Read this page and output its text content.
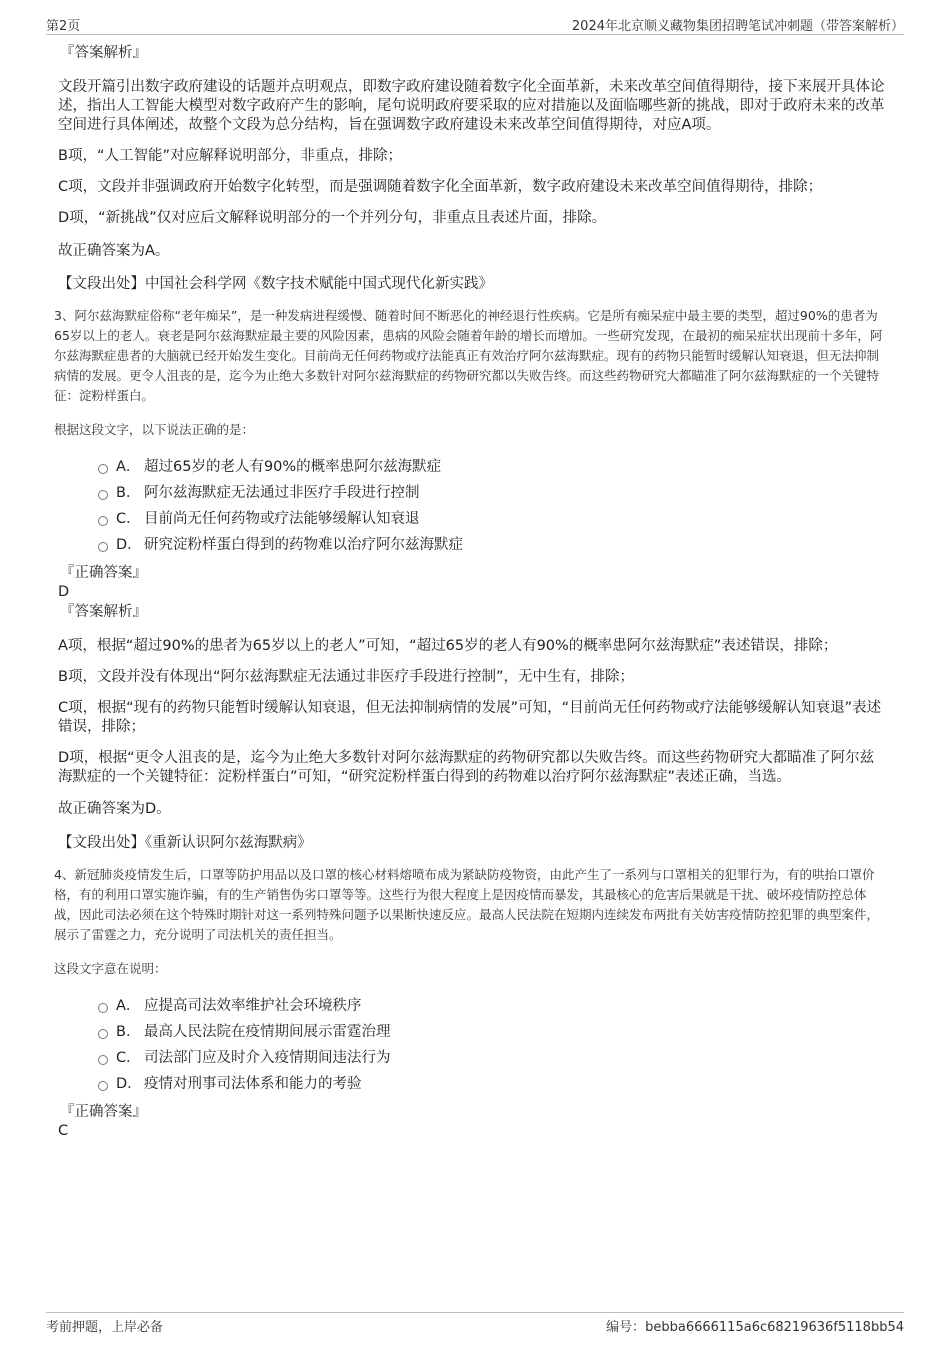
第2页	2024年北京顺义藏物集团招聘笔试冲刺题（带答案解析）

『答案解析』

文段开篇引出数字政府建设的话题并点明观点，即数字政府建设随着数字化全面革新，未来改革空间值得期待，接下来展开具体论述，指出人工智能大模型对数字政府产生的影响，尾句说明政府要采取的应对措施以及面临哪些新的挑战，即对于政府未来的改革空间进行具体阐述，故整个文段为总分结构，旨在强调数字政府建设未来改革空间值得期待，对应A项。

B项，“人工智能”对应解释说明部分，非重点，排除；

C项，文段并非强调政府开始数字化转型，而是强调随着数字化全面革新，数字政府建设未来改革空间值得期待，排除；

D项，“新挑战”仅对应后文解释说明部分的一个并列分句，非重点且表述片面，排除。

故正确答案为A。

【文段出处】中国社会科学网《数字技术赋能中国式现代化新实践》

3、阿尔兹海默症俗称“老年痴呆”，是一种发病进程缓慢、随着时间不断恶化的神经退行性疾病。它是所有痴呆症中最主要的类型，超过90%的患者为65岁以上的老人。衰老是阿尔兹海默症最主要的风险因素，患病的风险会随着年龄的增长而增加。一些研究发现，在最初的痴呆症状出现前十多年，阿尔兹海默症患者的大脑就已经开始发生变化。目前尚无任何药物或疗法能真正有效治疗阿尔兹海默症。现有的药物只能暂时缓解认知衰退，但无法抑制病情的发展。更令人沮丧的是，迄今为止绝大多数针对阿尔兹海默症的药物研究都以失败告终。而这些药物研究大都瞄准了阿尔兹海默症的一个关键特征：淀粉样蛋白。

根据这段文字，以下说法正确的是：

A． 超过65岁的老人有90%的概率患阿尔兹海默症
B． 阿尔兹海默症无法通过非医疗手段进行控制
C． 目前尚无任何药物或疗法能够缓解认知衰退
D． 研究淀粉样蛋白得到的药物难以治疗阿尔兹海默症

『正确答案』

D

『答案解析』

A项，根据“超过90%的患者为65岁以上的老人”可知，“超过65岁的老人有90%的概率患阿尔兹海默症”表述错误，排除；

B项，文段并没有体现出“阿尔兹海默症无法通过非医疗手段进行控制”，无中生有，排除；

C项，根据“现有的药物只能暂时缓解认知衰退，但无法抑制病情的发展”可知，“目前尚无任何药物或疗法能够缓解认知衰退”表述错误，排除；

D项，根据“更令人沮丧的是，迄今为止绝大多数针对阿尔兹海默症的药物研究都以失败告终。而这些药物研究大都瞄准了阿尔兹海默症的一个关键特征：淀粉样蛋白”可知，“研究淀粉样蛋白得到的药物难以治疗阿尔兹海默症”表述正确，当选。

故正确答案为D。

【文段出处】《重新认识阿尔兹海默病》

4、新冠肺炎疫情发生后，口罩等防护用品以及口罩的核心材料熔喷布成为紧缺防疫物资，由此产生了一系列与口罩相关的犯罪行为，有的哄抬口罩价格，有的利用口罩实施诈骗，有的生产销售伪劣口罩等等。这些行为很大程度上是因疫情而暴发，其最核心的危害后果就是干扰、破坏疫情防控总体战，因此司法必须在这个特殊时期针对这一系列特殊问题予以果断快速反应。最高人民法院在短期内连续发布两批有关妨害疫情防控犯罪的典型案件，展示了雷霆之力，充分说明了司法机关的责任担当。

这段文字意在说明：

A． 应提高司法效率维护社会环境秩序
B． 最高人民法院在疫情期间展示雷霆治理
C． 司法部门应及时介入疫情期间违法行为
D． 疫情对刑事司法体系和能力的考验

『正确答案』

C

考前押题，上岸必备	编号：bebba6666115a6c68219636f5118bb54
